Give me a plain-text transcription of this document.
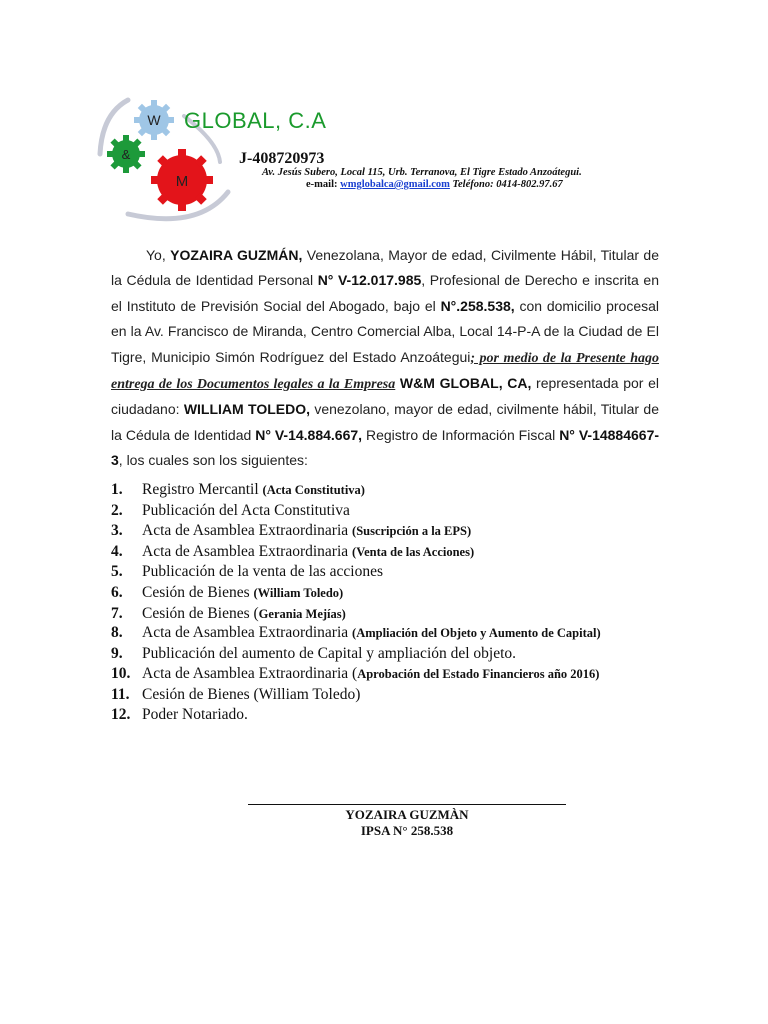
W
&
M
GLOBAL, C.A
J-408720973
Av. Jesús Subero, Local 115, Urb. Terranova, El Tigre Estado Anzoátegui.
e-mail: wmglobalca@gmail.com Teléfono: 0414-802.97.67

Yo, YOZAIRA GUZMÁN, Venezolana, Mayor de edad, Civilmente Hábil, Titular de la Cédula de Identidad Personal N° V-12.017.985, Profesional de Derecho e inscrita en el Instituto de Previsión Social del Abogado, bajo el N°.258.538, con domicilio procesal en la Av. Francisco de Miranda, Centro Comercial Alba, Local 14-P-A de la Ciudad de El Tigre, Municipio Simón Rodríguez del Estado Anzoátegui; por medio de la Presente hago entrega de los Documentos legales a la Empresa W&M GLOBAL, CA, representada por el ciudadano: WILLIAM TOLEDO, venezolano, mayor de edad, civilmente hábil, Titular de la Cédula de Identidad N° V-14.884.667, Registro de Información Fiscal N° V-14884667-3, los cuales son los siguientes:

1.	Registro Mercantil (Acta Constitutiva)
2.	Publicación del Acta Constitutiva
3.	Acta de Asamblea Extraordinaria (Suscripción a la EPS)
4.	Acta de Asamblea Extraordinaria (Venta de las Acciones)
5.	Publicación de la venta de las acciones
6.	Cesión de Bienes (William Toledo)
7.	Cesión de Bienes (Gerania Mejías)
8.	Acta de Asamblea Extraordinaria (Ampliación del Objeto y Aumento de Capital)
9.	Publicación del aumento de Capital y ampliación del objeto.
10. Acta de Asamblea Extraordinaria (Aprobación del Estado Financieros año 2016)
11. Cesión de Bienes (William Toledo)
12. Poder Notariado.
YOZAIRA GUZMÀN
IPSA N° 258.538
